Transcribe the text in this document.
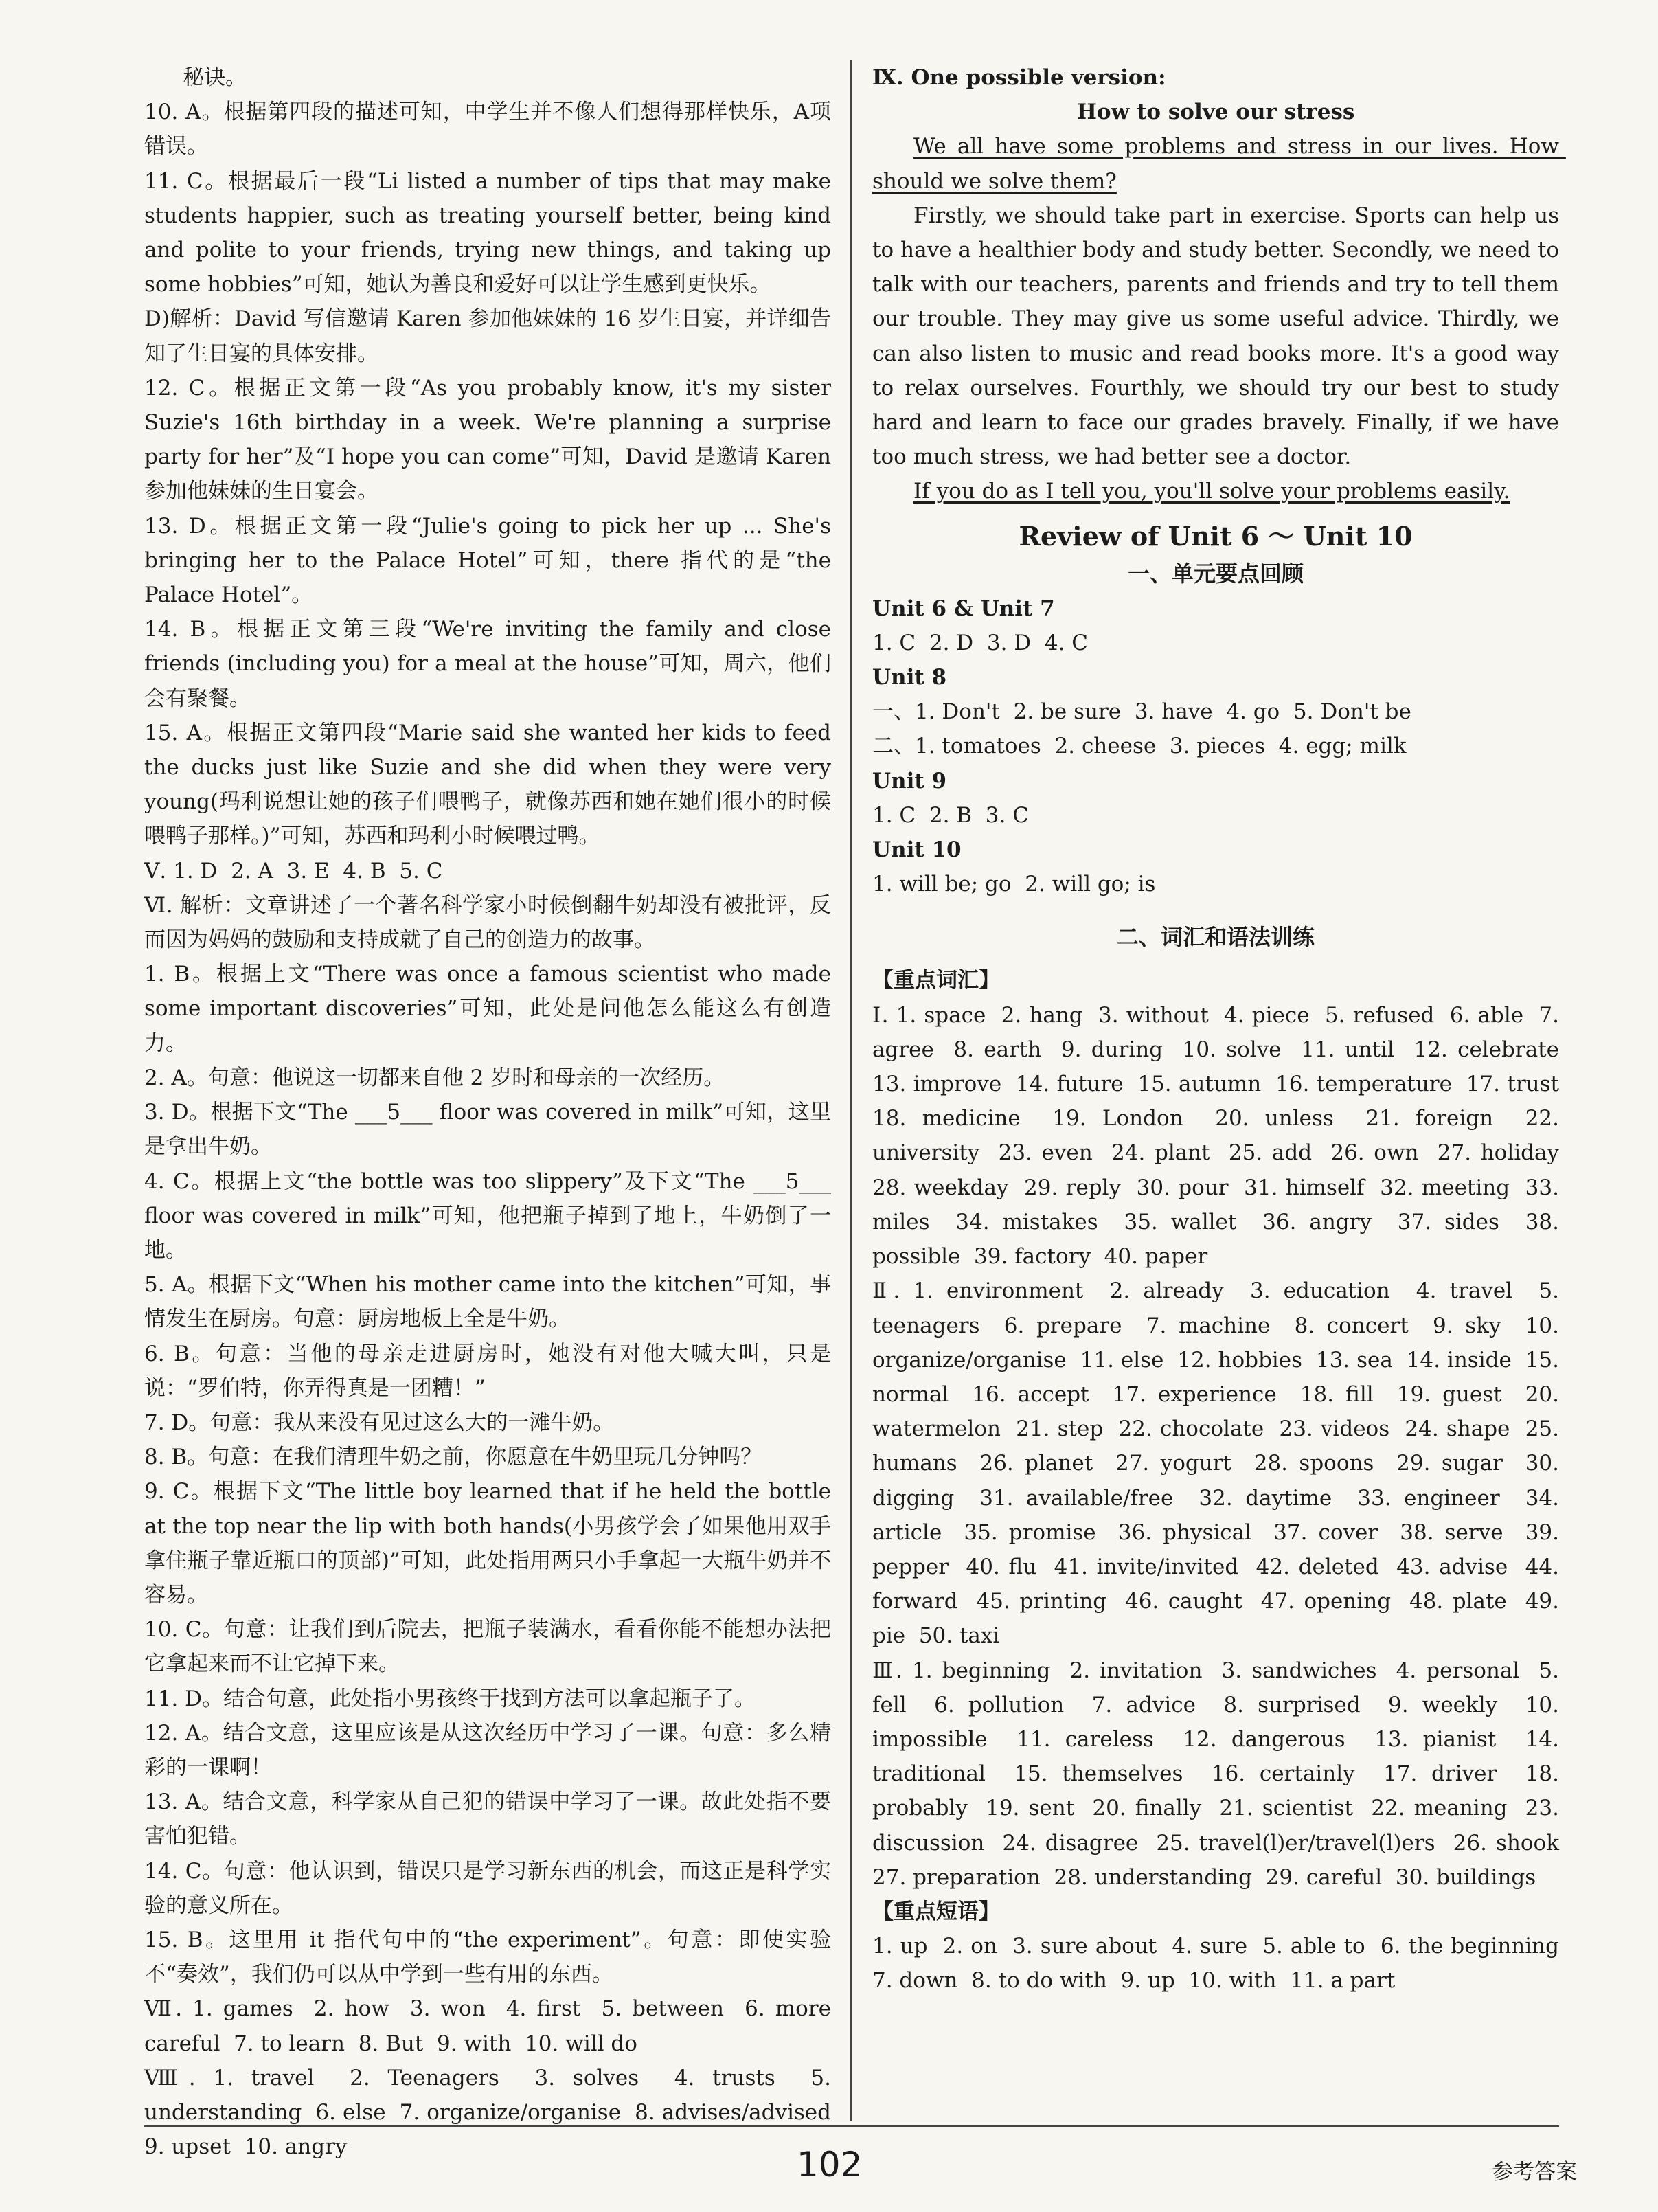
秘诀。

10. A。根据第四段的描述可知，中学生并不像人们想得那样快乐，A项错误。

11. C。根据最后一段“Li listed a number of tips that may make students happier, such as treating yourself better, being kind and polite to your friends, trying new things, and taking up some hobbies”可知，她认为善良和爱好可以让学生感到更快乐。

D)解析：David 写信邀请 Karen 参加他妹妹的 16 岁生日宴，并详细告知了生日宴的具体安排。

12. C。根据正文第一段“As you probably know, it's my sister Suzie's 16th birthday in a week. We're planning a surprise party for her”及“I hope you can come”可知，David 是邀请 Karen 参加他妹妹的生日宴会。

13. D。根据正文第一段“Julie's going to pick her up ... She's bringing her to the Palace Hotel”可知，there 指代的是“the Palace Hotel”。

14. B。根据正文第三段“We're inviting the family and close friends (including you) for a meal at the house”可知，周六，他们会有聚餐。

15. A。根据正文第四段“Marie said she wanted her kids to feed the ducks just like Suzie and she did when they were very young(玛利说想让她的孩子们喂鸭子，就像苏西和她在她们很小的时候喂鸭子那样。)”可知，苏西和玛利小时候喂过鸭。

Ⅴ. 1. D  2. A  3. E  4. B  5. C

Ⅵ. 解析：文章讲述了一个著名科学家小时候倒翻牛奶却没有被批评，反而因为妈妈的鼓励和支持成就了自己的创造力的故事。

1. B。根据上文“There was once a famous scientist who made some important discoveries”可知，此处是问他怎么能这么有创造力。

2. A。句意：他说这一切都来自他 2 岁时和母亲的一次经历。

3. D。根据下文“The ___5___ floor was covered in milk”可知，这里是拿出牛奶。

4. C。根据上文“the bottle was too slippery”及下文“The ___5___ floor was covered in milk”可知，他把瓶子掉到了地上，牛奶倒了一地。

5. A。根据下文“When his mother came into the kitchen”可知，事情发生在厨房。句意：厨房地板上全是牛奶。

6. B。句意：当他的母亲走进厨房时，她没有对他大喊大叫，只是说：“罗伯特，你弄得真是一团糟！”

7. D。句意：我从来没有见过这么大的一滩牛奶。

8. B。句意：在我们清理牛奶之前，你愿意在牛奶里玩几分钟吗？

9. C。根据下文“The little boy learned that if he held the bottle at the top near the lip with both hands(小男孩学会了如果他用双手拿住瓶子靠近瓶口的顶部)”可知，此处指用两只小手拿起一大瓶牛奶并不容易。

10. C。句意：让我们到后院去，把瓶子装满水，看看你能不能想办法把它拿起来而不让它掉下来。

11. D。结合句意，此处指小男孩终于找到方法可以拿起瓶子了。

12. A。结合文意，这里应该是从这次经历中学习了一课。句意：多么精彩的一课啊！

13. A。结合文意，科学家从自己犯的错误中学习了一课。故此处指不要害怕犯错。

14. C。句意：他认识到，错误只是学习新东西的机会，而这正是科学实验的意义所在。

15. B。这里用 it 指代句中的“the experiment”。句意：即使实验不“奏效”，我们仍可以从中学到一些有用的东西。

Ⅶ. 1. games  2. how  3. won  4. first  5. between  6. more careful  7. to learn  8. But  9. with  10. will do

Ⅷ. 1. travel  2. Teenagers  3. solves  4. trusts  5. understanding  6. else  7. organize/organise  8. advises/advised  9. upset  10. angry

Ⅸ. One possible version:

How to solve our stress

We all have some problems and stress in our lives. How should we solve them?

Firstly, we should take part in exercise. Sports can help us to have a healthier body and study better. Secondly, we need to talk with our teachers, parents and friends and try to tell them our trouble. They may give us some useful advice. Thirdly, we can also listen to music and read books more. It's a good way to relax ourselves. Fourthly, we should try our best to study hard and learn to face our grades bravely. Finally, if we have too much stress, we had better see a doctor.

If you do as I tell you, you'll solve your problems easily.

Review of Unit 6 ～ Unit 10

一、单元要点回顾

Unit 6 & Unit 7

1. C  2. D  3. D  4. C

Unit 8

一、1. Don't  2. be sure  3. have  4. go  5. Don't be

二、1. tomatoes  2. cheese  3. pieces  4. egg; milk

Unit 9

1. C  2. B  3. C

Unit 10

1. will be; go  2. will go; is

二、词汇和语法训练

【重点词汇】

Ⅰ. 1. space  2. hang  3. without  4. piece  5. refused  6. able  7. agree  8. earth  9. during  10. solve  11. until  12. celebrate  13. improve  14. future  15. autumn  16. temperature  17. trust  18. medicine  19. London  20. unless  21. foreign  22. university  23. even  24. plant  25. add  26. own  27. holiday  28. weekday  29. reply  30. pour  31. himself  32. meeting  33. miles  34. mistakes  35. wallet  36. angry  37. sides  38. possible  39. factory  40. paper

Ⅱ. 1. environment  2. already  3. education  4. travel  5. teenagers  6. prepare  7. machine  8. concert  9. sky  10. organize/organise  11. else  12. hobbies  13. sea  14. inside  15. normal  16. accept  17. experience  18. fill  19. guest  20. watermelon  21. step  22. chocolate  23. videos  24. shape  25. humans  26. planet  27. yogurt  28. spoons  29. sugar  30. digging  31. available/free  32. daytime  33. engineer  34. article  35. promise  36. physical  37. cover  38. serve  39. pepper  40. flu  41. invite/invited  42. deleted  43. advise  44. forward  45. printing  46. caught  47. opening  48. plate  49. pie  50. taxi

Ⅲ. 1. beginning  2. invitation  3. sandwiches  4. personal  5. fell  6. pollution  7. advice  8. surprised  9. weekly  10. impossible  11. careless  12. dangerous  13. pianist  14. traditional  15. themselves  16. certainly  17. driver  18. probably  19. sent  20. finally  21. scientist  22. meaning  23. discussion  24. disagree  25. travel(l)er/travel(l)ers  26. shook  27. preparation  28. understanding  29. careful  30. buildings

【重点短语】

1. up  2. on  3. sure about  4. sure  5. able to  6. the beginning  7. down  8. to do with  9. up  10. with  11. a part

102	参考答案
